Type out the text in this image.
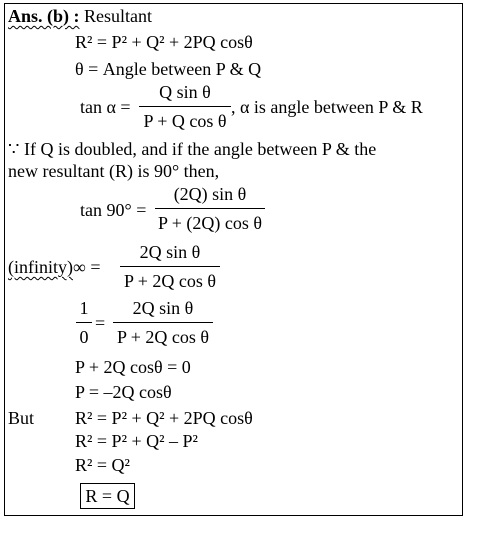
Ans. (b) : Resultant
R² = P² + Q² + 2PQ cosθ
θ = Angle between P & Q
tan α =
Q sin θ
P + Q cos θ
, α is angle between P & R
∵ If Q is doubled, and if the angle between P & the
new resultant (R) is 90° then,
tan 90° =
(2Q) sin θ
P + (2Q) cos θ
(infinity)∞ =
2Q sin θ
P + 2Q cos θ
1
0
=
2Q sin θ
P + 2Q cos θ
P + 2Q cosθ = 0
P = –2Q cosθ
But R² = P² + Q² + 2PQ cosθ
R² = P² + Q² – P²
R² = Q²
R = Q
